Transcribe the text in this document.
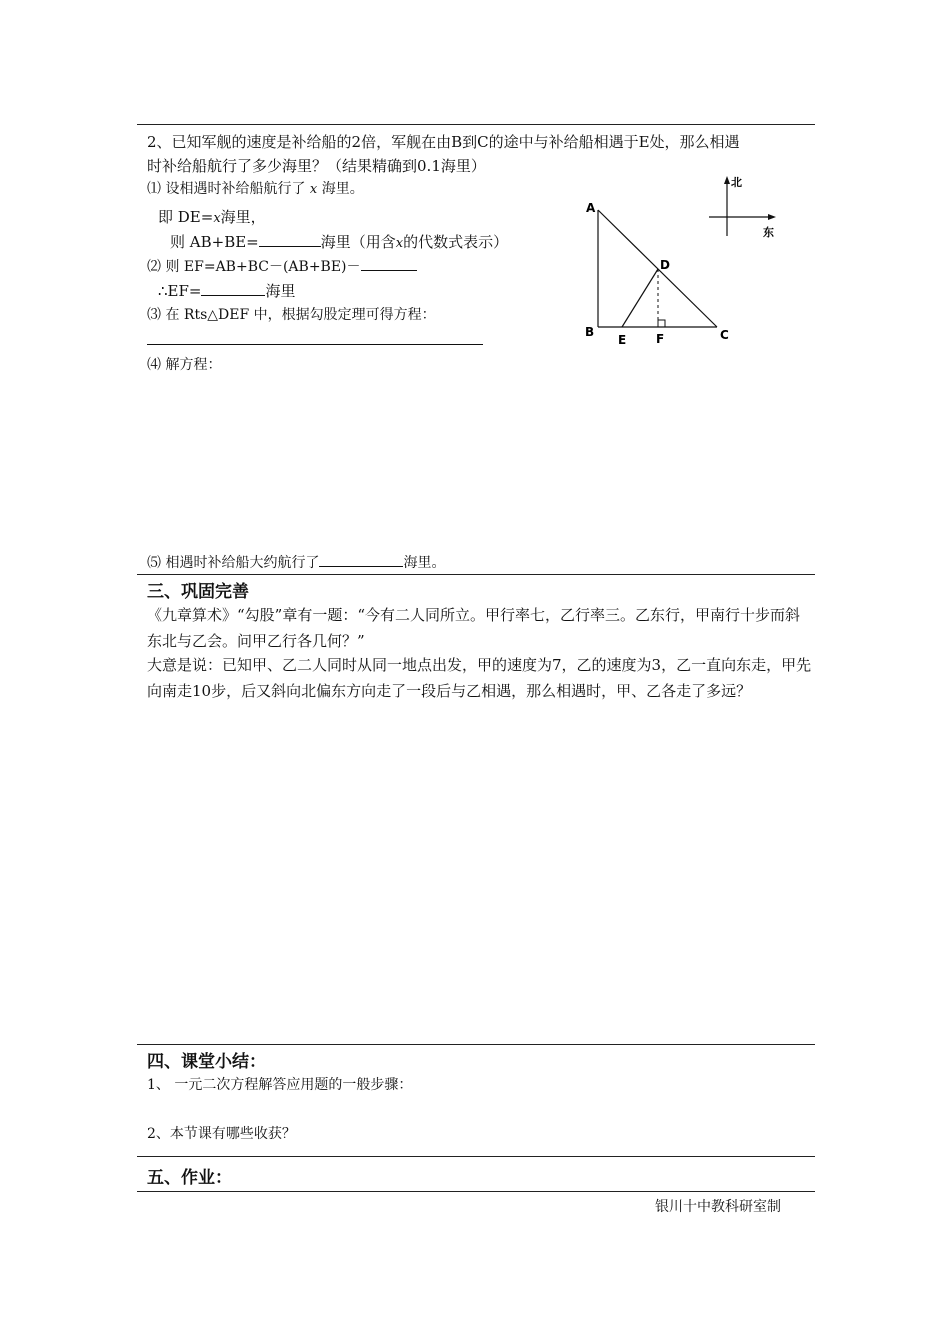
2、已知军舰的速度是补给船的2倍，军舰在由B到C的途中与补给船相遇于E处，那么相遇
时补给船航行了多少海里？（结果精确到0.1海里）
⑴ 设相遇时补给船航行了 x 海里。
即 DE=x海里，
则 AB+BE=	海里（用含x的代数式表示）
⑵ 则 EF=AB+BC－(AB+BE)－
∴EF=	海里
⑶ 在 Rts△DEF 中，根据勾股定理可得方程：
⑷ 解方程：
⑸ 相遇时补给船大约航行了	海里。
A
B	C
D
E F
北
东
三、巩固完善
《九章算术》“勾股”章有一题：“今有二人同所立。甲行率七，乙行率三。乙东行，甲南行十步而斜东北与乙会。问甲乙行各几何？”
大意是说：已知甲、乙二人同时从同一地点出发，甲的速度为7，乙的速度为3，乙一直向东走，甲先向南走10步，后又斜向北偏东方向走了一段后与乙相遇，那么相遇时，甲、乙各走了多远？
四、课堂小结：
1、 一元二次方程解答应用题的一般步骤：
2、本节课有哪些收获？
五、作业：
银川十中教科研室制
